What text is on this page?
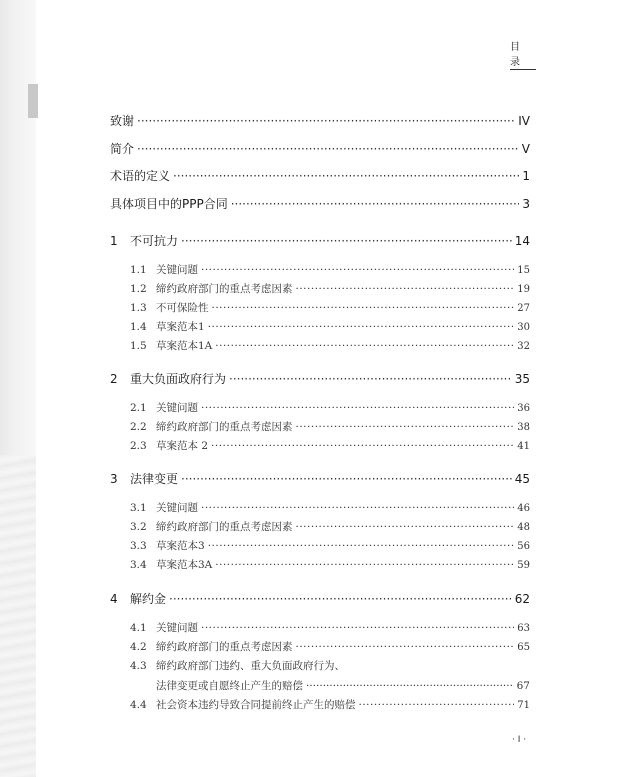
目 录
致谢 ·····	IV
简介 ·····	V
术语的定义 ·····	1
具体项目中的PPP合同 ·····	3
1	不可抗力 ·····	14
1.1 关键问题 ·····	15
1.2 缔约政府部门的重点考虑因素 ·····	19
1.3 不可保险性 ·····	27
1.4 草案范本1 ·····	30
1.5 草案范本1A ·····	32
2	重大负面政府行为 ·····	35
2.1 关键问题 ·····	36
2.2 缔约政府部门的重点考虑因素 ·····	38
2.3 草案范本 2 ·····	41
3	法律变更 ·····	45
3.1 关键问题 ·····	46
3.2 缔约政府部门的重点考虑因素 ·····	48
3.3 草案范本3 ·····	56
3.4 草案范本3A ·····	59
4	解约金 ·····	62
4.1 关键问题 ·····	63
4.2 缔约政府部门的重点考虑因素 ·····	65
4.3 缔约政府部门违约、重大负面政府行为、
法律变更或自愿终止产生的赔偿 ·····	67
4.4 社会资本违约导致合同提前终止产生的赔偿 ·····	71
· I ·
